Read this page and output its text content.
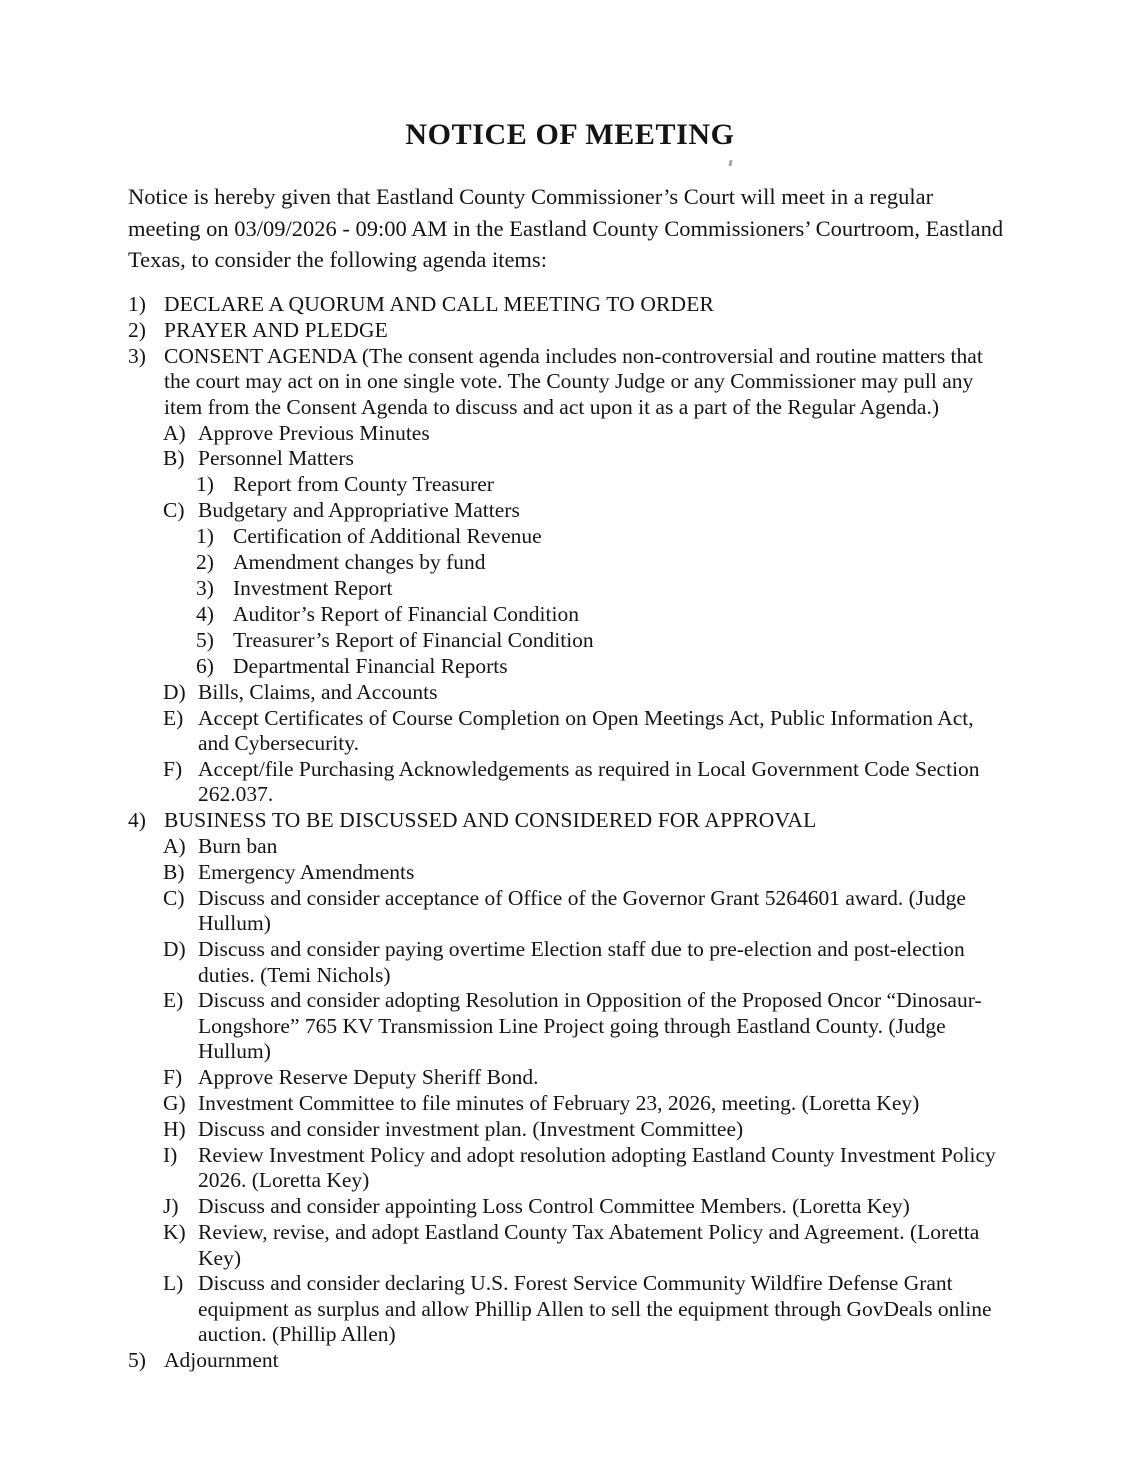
NOTICE OF MEETING
Notice is hereby given that Eastland County Commissioner’s Court will meet in a regular meeting on 03/09/2026 - 09:00 AM in the Eastland County Commissioners’ Courtroom, Eastland Texas, to consider the following agenda items:
1) DECLARE A QUORUM AND CALL MEETING TO ORDER
2) PRAYER AND PLEDGE
3) CONSENT AGENDA (The consent agenda includes non-controversial and routine matters that the court may act on in one single vote. The County Judge or any Commissioner may pull any item from the Consent Agenda to discuss and act upon it as a part of the Regular Agenda.)
A) Approve Previous Minutes
B) Personnel Matters
1) Report from County Treasurer
C) Budgetary and Appropriative Matters
1) Certification of Additional Revenue
2) Amendment changes by fund
3) Investment Report
4) Auditor’s Report of Financial Condition
5) Treasurer’s Report of Financial Condition
6) Departmental Financial Reports
D) Bills, Claims, and Accounts
E) Accept Certificates of Course Completion on Open Meetings Act, Public Information Act, and Cybersecurity.
F) Accept/file Purchasing Acknowledgements as required in Local Government Code Section 262.037.
4) BUSINESS TO BE DISCUSSED AND CONSIDERED FOR APPROVAL
A) Burn ban
B) Emergency Amendments
C) Discuss and consider acceptance of Office of the Governor Grant 5264601 award. (Judge Hullum)
D) Discuss and consider paying overtime Election staff due to pre-election and post-election duties. (Temi Nichols)
E) Discuss and consider adopting Resolution in Opposition of the Proposed Oncor “Dinosaur-Longshore” 765 KV Transmission Line Project going through Eastland County. (Judge Hullum)
F) Approve Reserve Deputy Sheriff Bond.
G) Investment Committee to file minutes of February 23, 2026, meeting. (Loretta Key)
H) Discuss and consider investment plan. (Investment Committee)
I) Review Investment Policy and adopt resolution adopting Eastland County Investment Policy 2026. (Loretta Key)
J) Discuss and consider appointing Loss Control Committee Members. (Loretta Key)
K) Review, revise, and adopt Eastland County Tax Abatement Policy and Agreement. (Loretta Key)
L) Discuss and consider declaring U.S. Forest Service Community Wildfire Defense Grant equipment as surplus and allow Phillip Allen to sell the equipment through GovDeals online auction. (Phillip Allen)
5) Adjournment
